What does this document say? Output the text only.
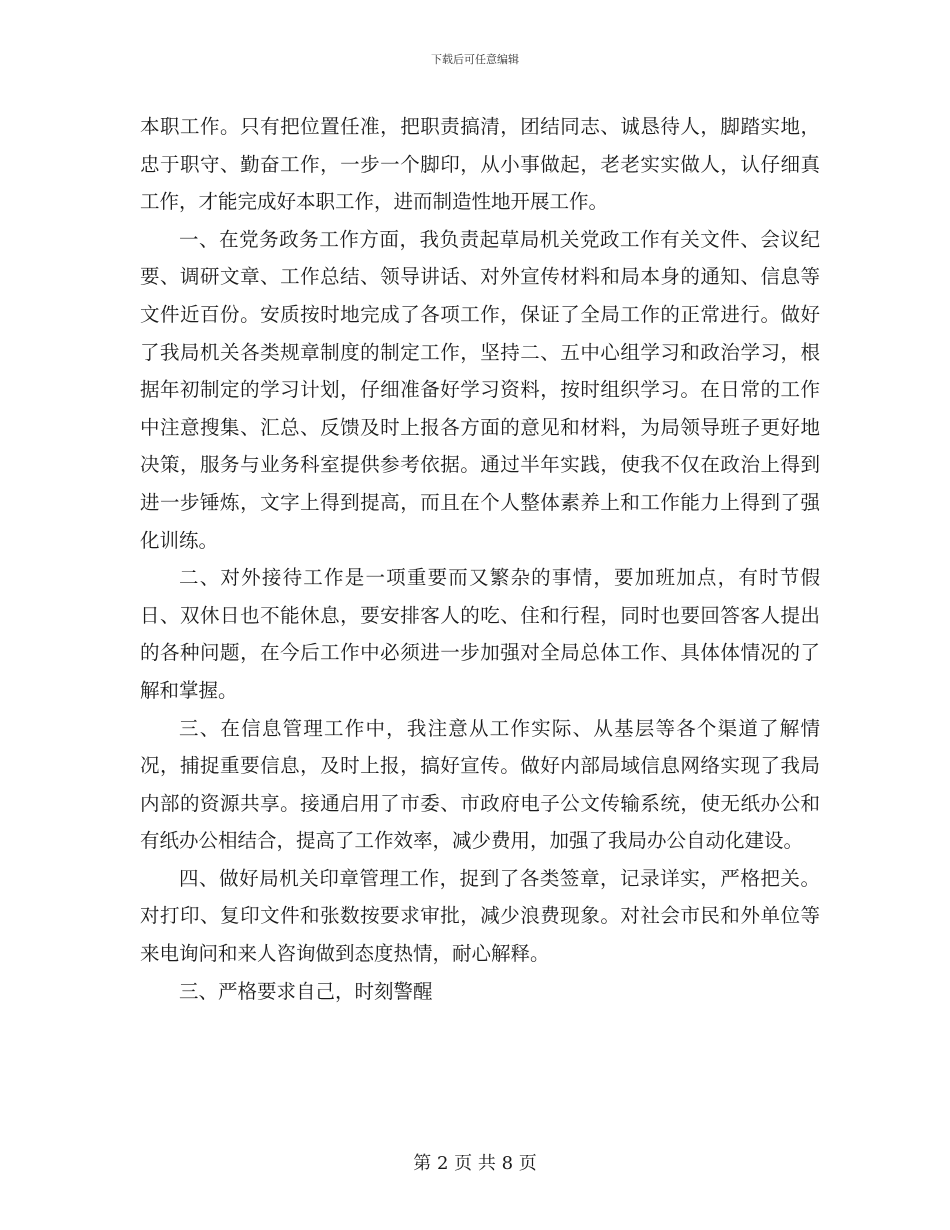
下载后可任意编辑

本职工作。只有把位置任准，把职责搞清，团结同志、诚恳待人，脚踏实地，忠于职守、勤奋工作，一步一个脚印，从小事做起，老老实实做人，认仔细真工作，才能完成好本职工作，进而制造性地开展工作。

一、在党务政务工作方面，我负责起草局机关党政工作有关文件、会议纪要、调研文章、工作总结、领导讲话、对外宣传材料和局本身的通知、信息等文件近百份。安质按时地完成了各项工作，保证了全局工作的正常进行。做好了我局机关各类规章制度的制定工作，坚持二、五中心组学习和政治学习，根据年初制定的学习计划，仔细准备好学习资料，按时组织学习。在日常的工作中注意搜集、汇总、反馈及时上报各方面的意见和材料，为局领导班子更好地决策，服务与业务科室提供参考依据。通过半年实践，使我不仅在政治上得到进一步锤炼，文字上得到提高，而且在个人整体素养上和工作能力上得到了强化训练。

二、对外接待工作是一项重要而又繁杂的事情，要加班加点，有时节假日、双休日也不能休息，要安排客人的吃、住和行程，同时也要回答客人提出的各种问题，在今后工作中必须进一步加强对全局总体工作、具体体情况的了解和掌握。

三、在信息管理工作中，我注意从工作实际、从基层等各个渠道了解情况，捕捉重要信息，及时上报，搞好宣传。做好内部局域信息网络实现了我局内部的资源共享。接通启用了市委、市政府电子公文传输系统，使无纸办公和有纸办公相结合，提高了工作效率，减少费用，加强了我局办公自动化建设。

四、做好局机关印章管理工作，捉到了各类签章，记录详实，严格把关。对打印、复印文件和张数按要求审批，减少浪费现象。对社会市民和外单位等来电询问和来人咨询做到态度热情，耐心解释。

三、严格要求自己，时刻警醒

第 2 页 共 8 页
